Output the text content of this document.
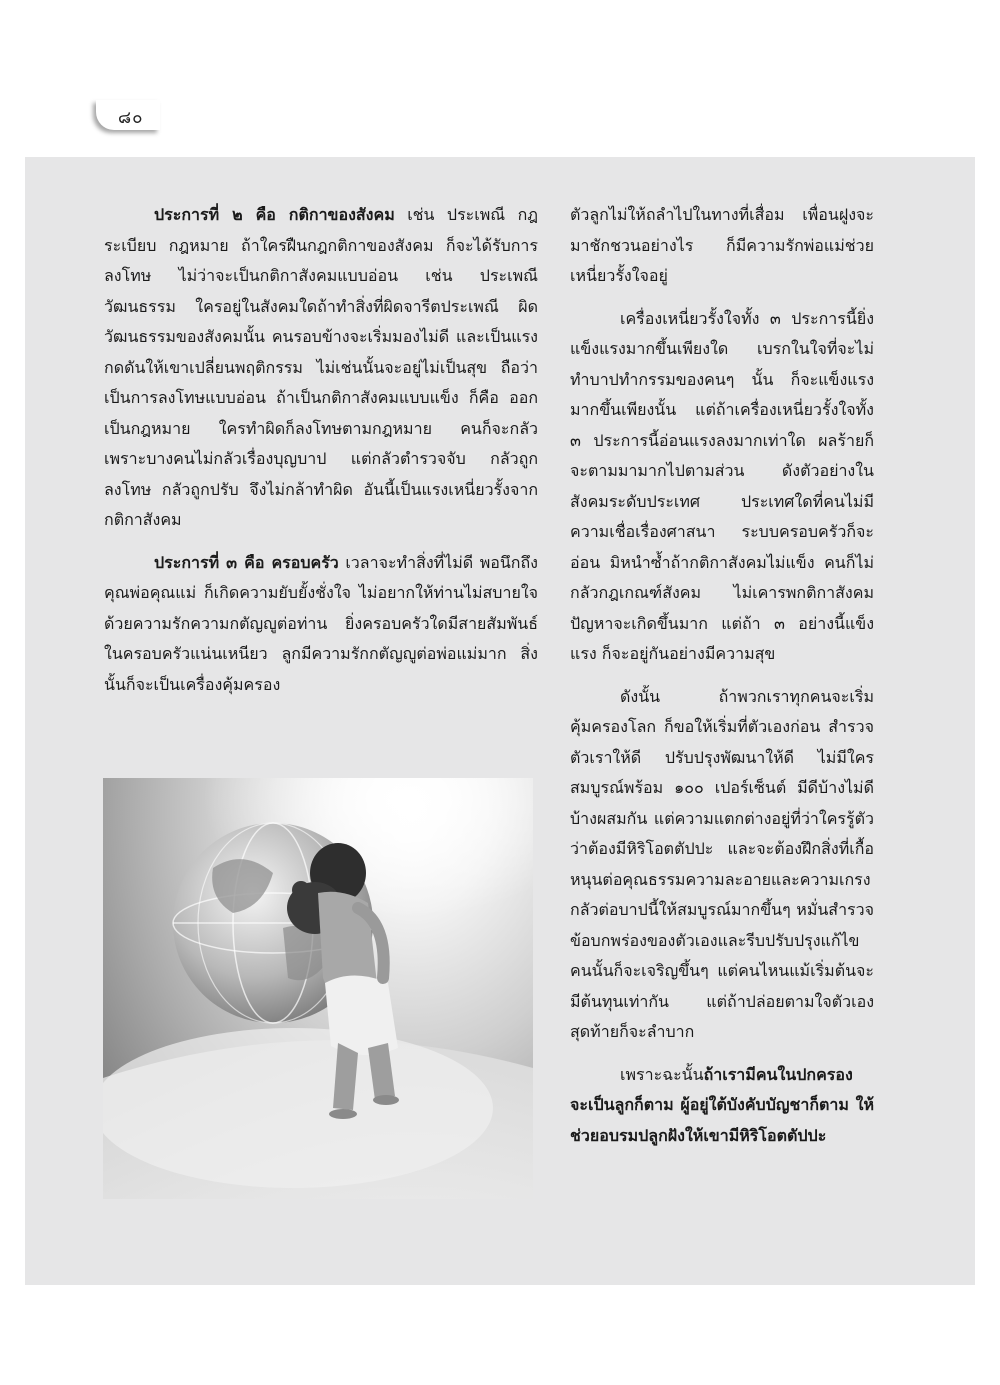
๘๐

ประการที่ ๒ คือ กติกาของสังคม เช่น ประเพณี กฎระเบียบ กฎหมาย ถ้าใครฝืนกฎกติกาของสังคม ก็จะได้รับการลงโทษ ไม่ว่าจะเป็นกติกาสังคมแบบอ่อน เช่น ประเพณี วัฒนธรรม ใครอยู่ในสังคมใดถ้าทำสิ่งที่ผิดจารีตประเพณี ผิดวัฒนธรรมของสังคมนั้น คนรอบข้างจะเริ่มมองไม่ดี และเป็นแรงกดดันให้เขาเปลี่ยนพฤติกรรม ไม่เช่นนั้นจะอยู่ไม่เป็นสุข ถือว่าเป็นการลงโทษแบบอ่อน ถ้าเป็นกติกาสังคมแบบแข็ง ก็คือ ออกเป็นกฎหมาย ใครทำผิดก็ลงโทษตามกฎหมาย คนก็จะกลัว เพราะบางคนไม่กลัวเรื่องบุญบาป แต่กลัวตำรวจจับ กลัวถูกลงโทษ กลัวถูกปรับ จึงไม่กล้าทำผิด อันนี้เป็นแรงเหนี่ยวรั้งจากกติกาสังคม

ประการที่ ๓ คือ ครอบครัว เวลาจะทำสิ่งที่ไม่ดี พอนึกถึงคุณพ่อคุณแม่ ก็เกิดความยับยั้งชั่งใจ ไม่อยากให้ท่านไม่สบายใจ ด้วยความรักความกตัญญูต่อท่าน ยิ่งครอบครัวใดมีสายสัมพันธ์ในครอบครัวแน่นเหนียว ลูกมีความรักกตัญญูต่อพ่อแม่มาก สิ่งนั้นก็จะเป็นเครื่องคุ้มครอง

ตัวลูกไม่ให้ถลำไปในทางที่เสื่อม เพื่อนฝูงจะมาชักชวนอย่างไร ก็มีความรักพ่อแม่ช่วยเหนี่ยวรั้งใจอยู่

เครื่องเหนี่ยวรั้งใจทั้ง ๓ ประการนี้ยิ่งแข็งแรงมากขึ้นเพียงใด เบรกในใจที่จะไม่ทำบาปทำกรรมของคนๆ นั้น ก็จะแข็งแรงมากขึ้นเพียงนั้น แต่ถ้าเครื่องเหนี่ยวรั้งใจทั้ง ๓ ประการนี้อ่อนแรงลงมากเท่าใด ผลร้ายก็จะตามมามากไปตามส่วน ดังตัวอย่างในสังคมระดับประเทศ ประเทศใดที่คนไม่มีความเชื่อเรื่องศาสนา ระบบครอบครัวก็จะอ่อน มิหนำซ้ำถ้ากติกาสังคมไม่แข็ง คนก็ไม่กลัวกฎเกณฑ์สังคม ไม่เคารพกติกาสังคม ปัญหาจะเกิดขึ้นมาก แต่ถ้า ๓ อย่างนี้แข็งแรง ก็จะอยู่กันอย่างมีความสุข

ดังนั้น ถ้าพวกเราทุกคนจะเริ่มคุ้มครองโลก ก็ขอให้เริ่มที่ตัวเองก่อน สำรวจตัวเราให้ดี ปรับปรุงพัฒนาให้ดี ไม่มีใครสมบูรณ์พร้อม ๑๐๐ เปอร์เซ็นต์ มีดีบ้างไม่ดีบ้างผสมกัน แต่ความแตกต่างอยู่ที่ว่าใครรู้ตัวว่าต้องมีหิริโอตตัปปะ และจะต้องฝึกสิ่งที่เกื้อหนุนต่อคุณธรรมความละอายและความเกรงกลัวต่อบาปนี้ให้สมบูรณ์มากขึ้นๆ หมั่นสำรวจข้อบกพร่องของตัวเองและรีบปรับปรุงแก้ไข คนนั้นก็จะเจริญขึ้นๆ แต่คนไหนแม้เริ่มต้นจะมีต้นทุนเท่ากัน แต่ถ้าปล่อยตามใจตัวเอง สุดท้ายก็จะลำบาก

เพราะฉะนั้นถ้าเรามีคนในปกครอง จะเป็นลูกก็ตาม ผู้อยู่ใต้บังคับบัญชาก็ตาม ให้ช่วยอบรมปลูกฝังให้เขามีหิริโอตตัปปะ
